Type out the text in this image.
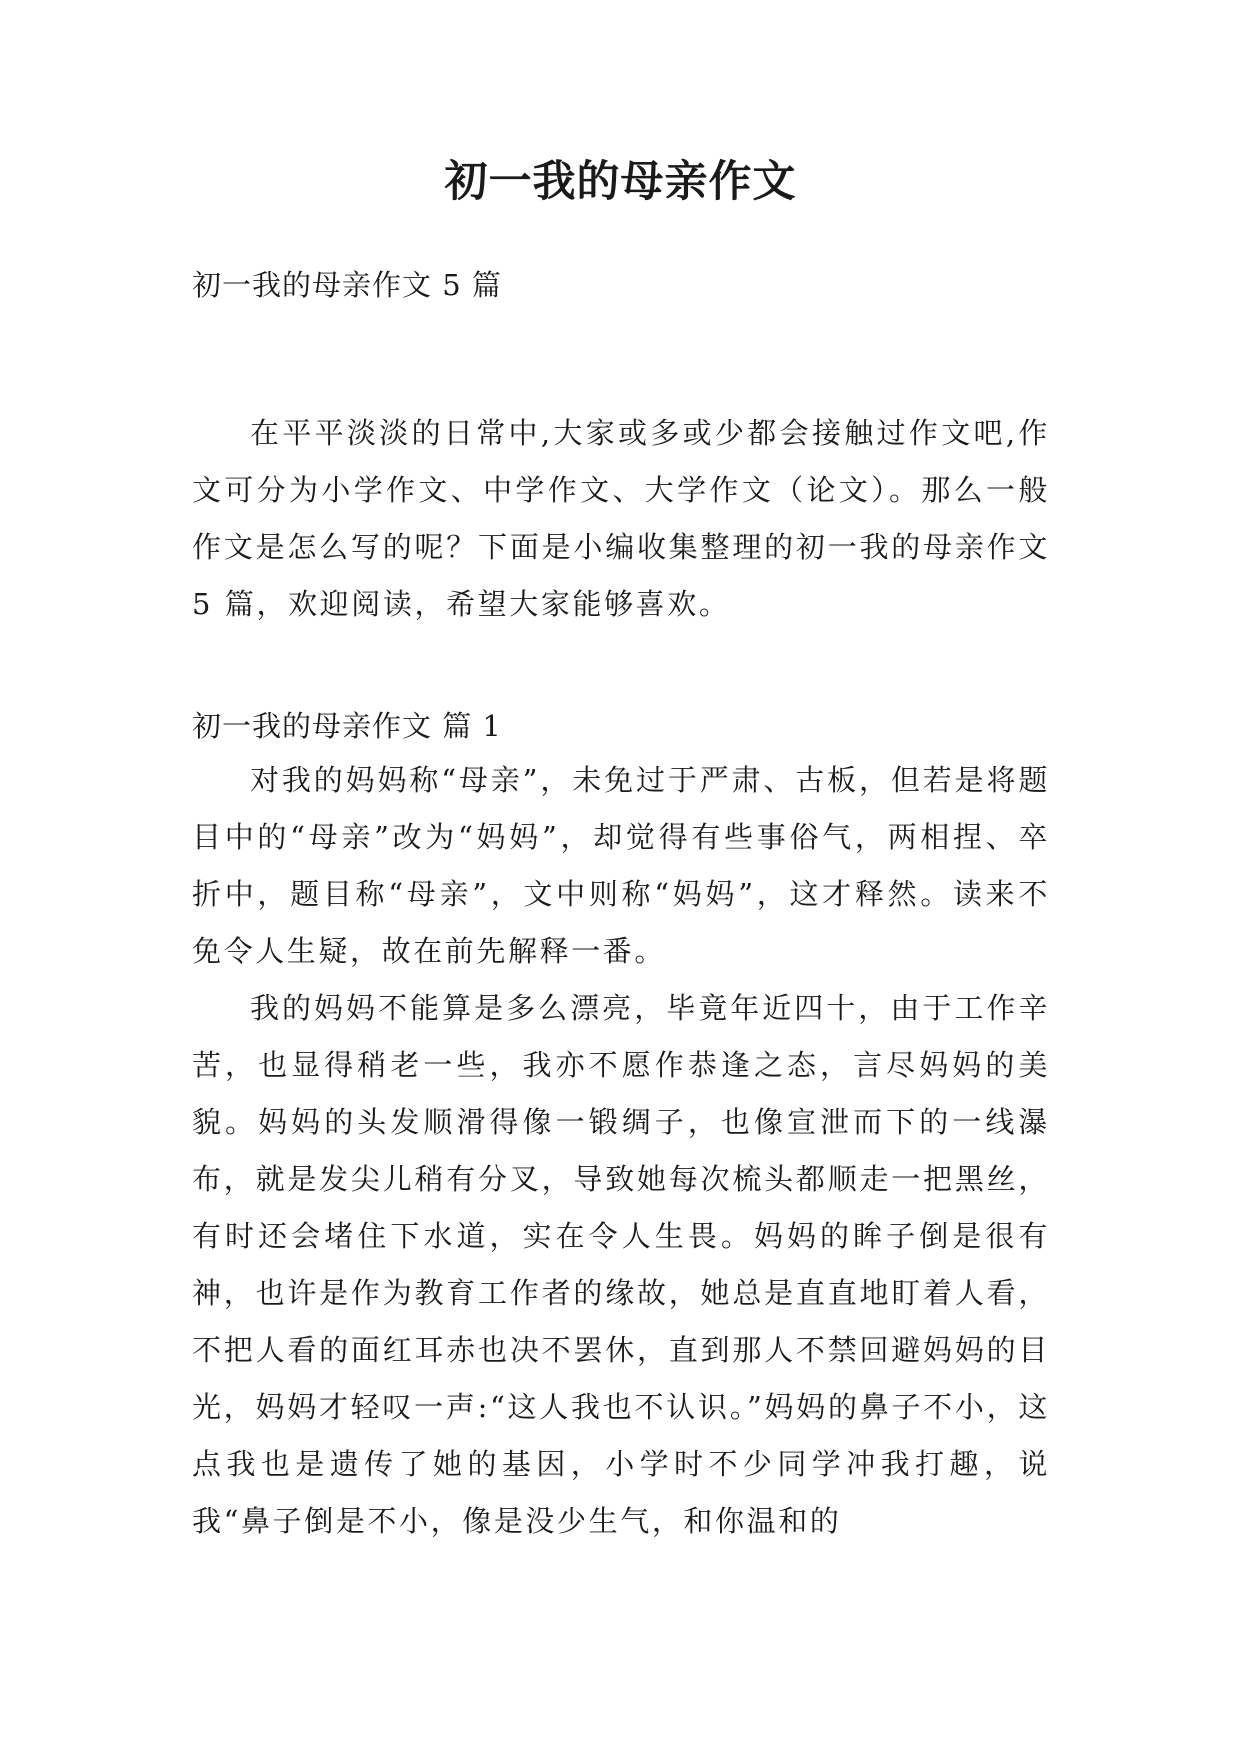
初一我的母亲作文
初一我的母亲作文 5 篇

在平平淡淡的日常中,大家或多或少都会接触过作文吧,作文可分为小学作文、中学作文、大学作文（论文）。那么一般作文是怎么写的呢？下面是小编收集整理的初一我的母亲作文 5 篇，欢迎阅读，希望大家能够喜欢。

初一我的母亲作文 篇 1

对我的妈妈称“母亲”，未免过于严肃、古板，但若是将题目中的“母亲”改为“妈妈”，却觉得有些事俗气，两相捏、卒折中，题目称“母亲”，文中则称“妈妈”，这才释然。读来不免令人生疑，故在前先解释一番。

我的妈妈不能算是多么漂亮，毕竟年近四十，由于工作辛苦，也显得稍老一些，我亦不愿作恭逢之态，言尽妈妈的美貌。妈妈的头发顺滑得像一锻绸子，也像宣泄而下的一线瀑布，就是发尖儿稍有分叉，导致她每次梳头都顺走一把黑丝，有时还会堵住下水道，实在令人生畏。妈妈的眸子倒是很有神，也许是作为教育工作者的缘故，她总是直直地盯着人看，不把人看的面红耳赤也决不罢休，直到那人不禁回避妈妈的目光，妈妈才轻叹一声:“这人我也不认识。”妈妈的鼻子不小，这点我也是遗传了她的基因，小学时不少同学冲我打趣，说我“鼻子倒是不小，像是没少生气，和你温和的
